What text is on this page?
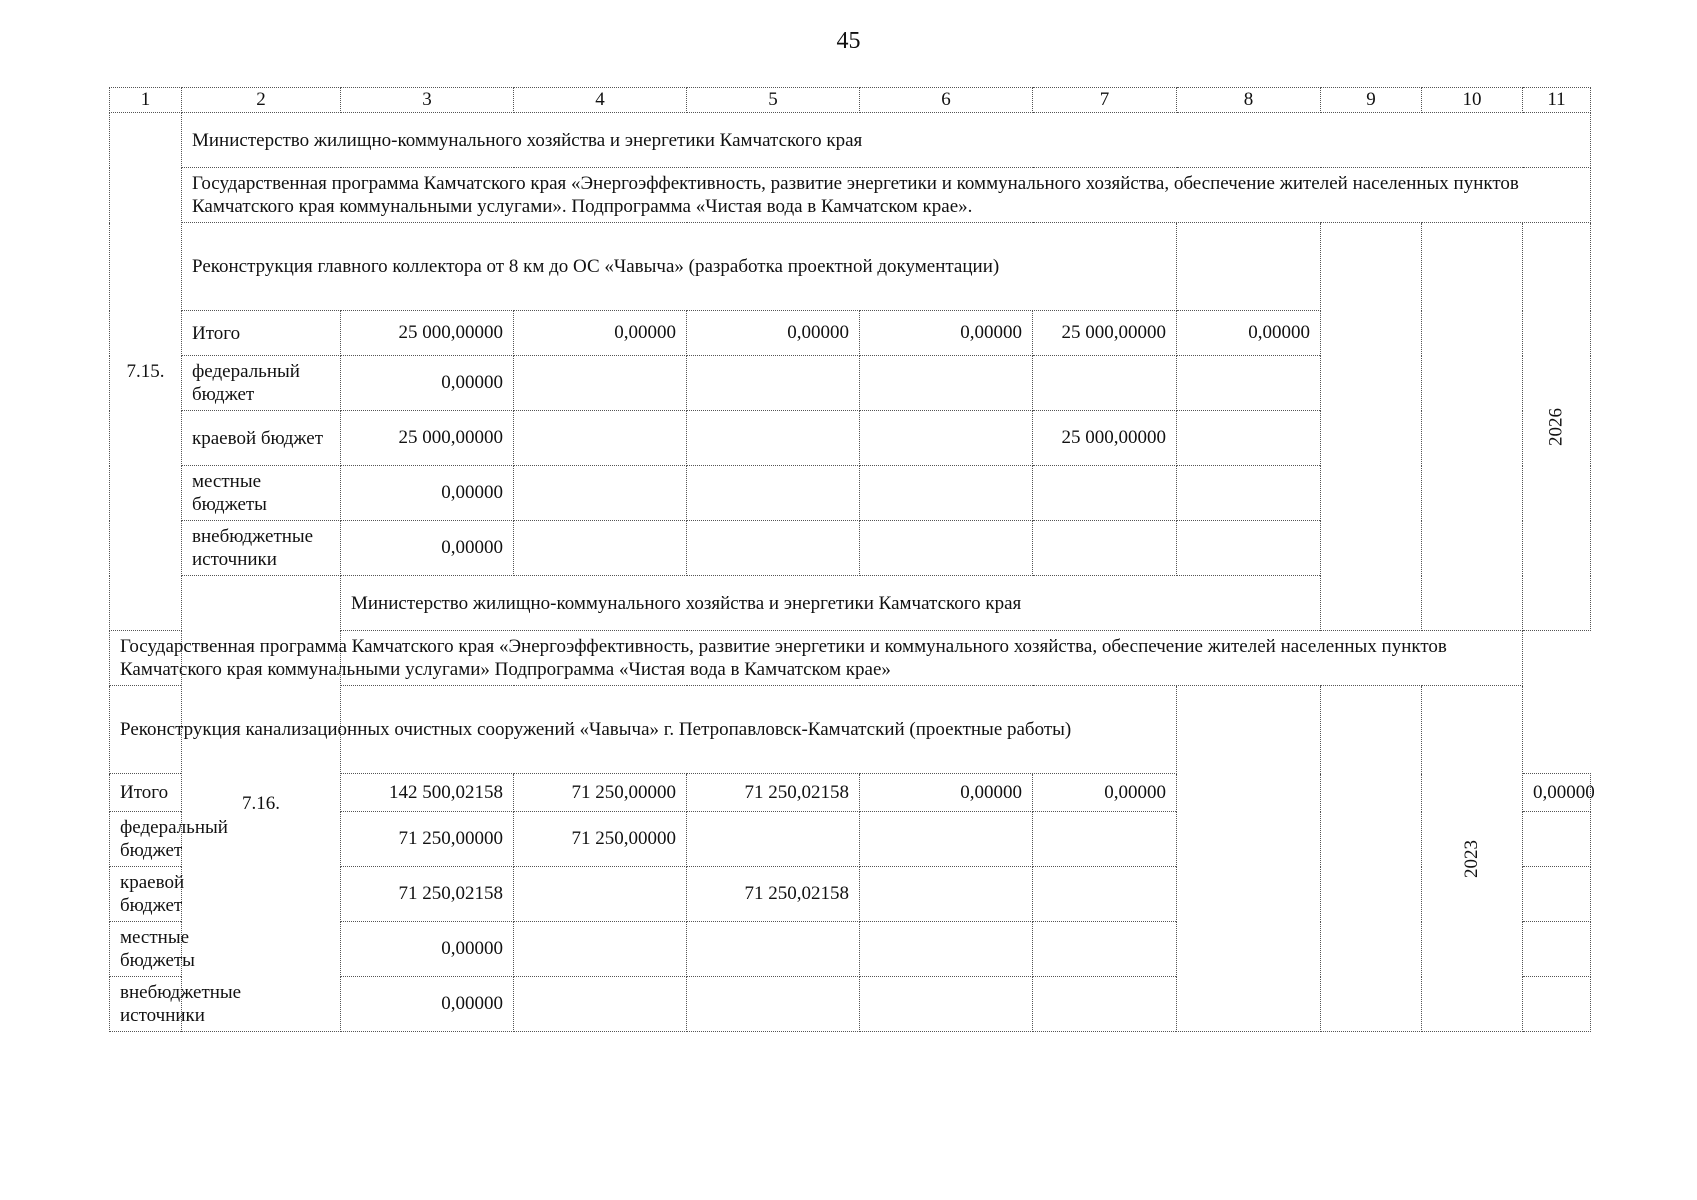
45
1	2	3	4	5	6	7	8	9	10	11
7.15.	Министерство жилищно-коммунального хозяйства и энергетики Камчатского края									
	Государственная программа Камчатского края «Энергоэффективность, развитие энергетики и коммунального хозяйства, обеспечение жителей населенных пунктов Камчатского края коммунальными услугами». Подпрограмма «Чистая вода в Камчатском крае».									
	Реконструкция главного коллектора от 8 км до ОС «Чавыча» (разработка проектной документации)									2026

	Итого	25 000,00000	0,00000	0,00000	0,00000	25 000,00000	0,00000			
	федеральный бюджет	0,00000								
	краевой бюджет	25 000,00000				25 000,00000				
	местные бюджеты	0,00000								
	внебюджетные источники	0,00000								
	7.16.	Министерство жилищно-коммунального хозяйства и энергетики Камчатского края								
Государственная программа Камчатского края «Энергоэффективность, развитие энергетики и коммунального хозяйства, обеспечение жителей населенных пунктов Камчатского края коммунальными услугами» Подпрограмма «Чистая вода в Камчатском крае»										
Реконструкция канализационных очистных сооружений «Чавыча» г. Петропавловск-Камчатский (проектные работы)									2023	

Итого		142 500,02158	71 250,00000	71 250,02158	0,00000	0,00000				0,00000
федеральный бюджет		71 250,00000	71 250,00000							
краевой бюджет		71 250,02158		71 250,02158						
местные бюджеты		0,00000								
внебюджетные источники		0,00000								
